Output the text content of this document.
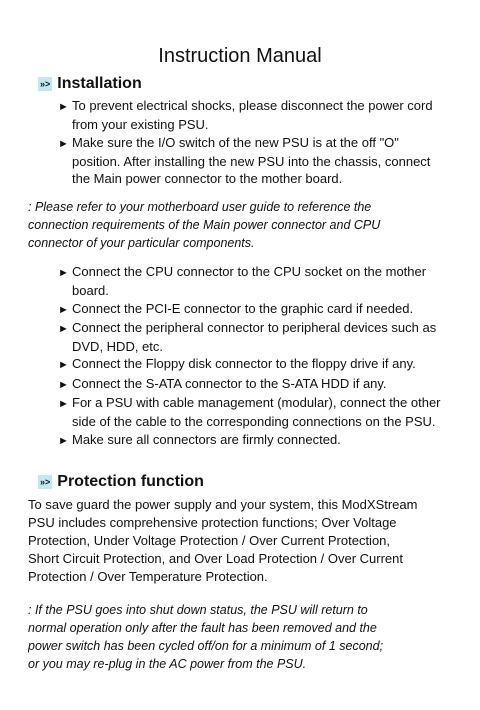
Instruction Manual
»> Installation
► To prevent electrical shocks, please disconnect the power cord from your existing PSU.
► Make sure the I/O switch of the new PSU is at the off "O" position. After installing the new PSU into the chassis, connect the Main power connector to the mother board.
: Please refer to your motherboard user guide to reference the
connection requirements of the Main power connector and CPU
connector of your particular components.
► Connect the CPU connector to the CPU socket on the mother board.
► Connect the PCI-E connector to the graphic card if needed.
► Connect the peripheral connector to peripheral devices such as DVD, HDD, etc.
► Connect the Floppy disk connector to the floppy drive if any.
► Connect the S-ATA connector to the S-ATA HDD if any.
► For a PSU with cable management (modular), connect the other side of the cable to the corresponding connections on the PSU.
► Make sure all connectors are firmly connected.
»> Protection function
To save guard the power supply and your system, this ModXStream
PSU includes comprehensive protection functions; Over Voltage
Protection, Under Voltage Protection / Over Current Protection,
Short Circuit Protection, and Over Load Protection / Over Current
Protection / Over Temperature Protection.
: If the PSU goes into shut down status, the PSU will return to
normal operation only after the fault has been removed and the
power switch has been cycled off/on for a minimum of 1 second;
or you may re-plug in the AC power from the PSU.
